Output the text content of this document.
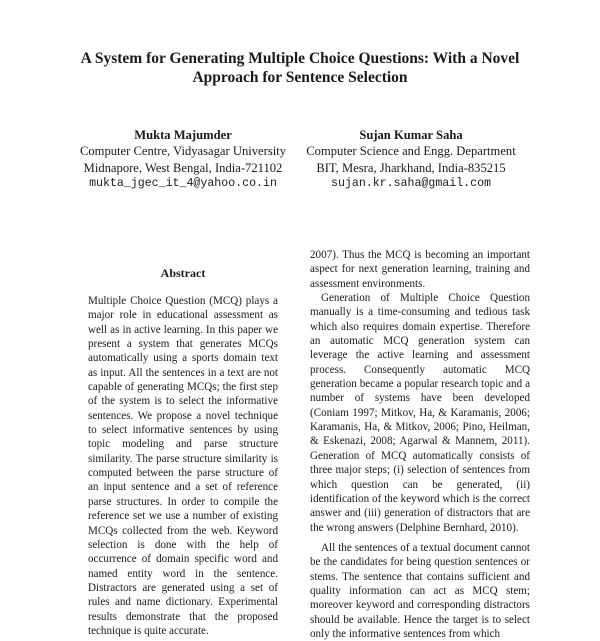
A System for Generating Multiple Choice Questions: With a Novel
Approach for Sentence Selection
Mukta Majumder
Computer Centre, Vidyasagar University
Midnapore, West Bengal, India-721102
mukta_jgec_it_4@yahoo.co.in
Sujan Kumar Saha
Computer Science and Engg. Department
BIT, Mesra, Jharkhand, India-835215
sujan.kr.saha@gmail.com
Abstract

Multiple Choice Question (MCQ) plays a major role in educational assessment as well as in active learning. In this paper we present a system that generates MCQs automatically using a sports domain text as input. All the sentences in a text are not capable of generating MCQs; the first step of the system is to select the informative sentences. We propose a novel technique to select informative sentences by using topic modeling and parse structure similarity. The parse structure similarity is computed between the parse structure of an input sentence and a set of reference parse structures. In order to compile the reference set we use a number of existing MCQs collected from the web. Keyword selection is done with the help of occurrence of domain specific word and named entity word in the sentence. Distractors are generated using a set of rules and name dictionary. Experimental results demonstrate that the proposed technique is quite accurate.

2007). Thus the MCQ is becoming an important aspect for next generation learning, training and assessment environments.

Generation of Multiple Choice Question manually is a time-consuming and tedious task which also requires domain expertise. Therefore an automatic MCQ generation system can leverage the active learning and assessment process. Consequently automatic MCQ generation became a popular research topic and a number of systems have been developed (Coniam 1997; Mitkov, Ha, & Karamanis, 2006; Karamanis, Ha, & Mitkov, 2006; Pino, Heilman, & Eskenazi, 2008; Agarwal & Mannem, 2011). Generation of MCQ automatically consists of three major steps; (i) selection of sentences from which question can be generated, (ii) identification of the keyword which is the correct answer and (iii) generation of distractors that are the wrong answers (Delphine Bernhard, 2010).

All the sentences of a textual document cannot be the candidates for being question sentences or stems. The sentence that contains sufficient and quality information can act as MCQ stem; moreover keyword and corresponding distractors should be available. Hence the target is to select only the informative sentences from which
